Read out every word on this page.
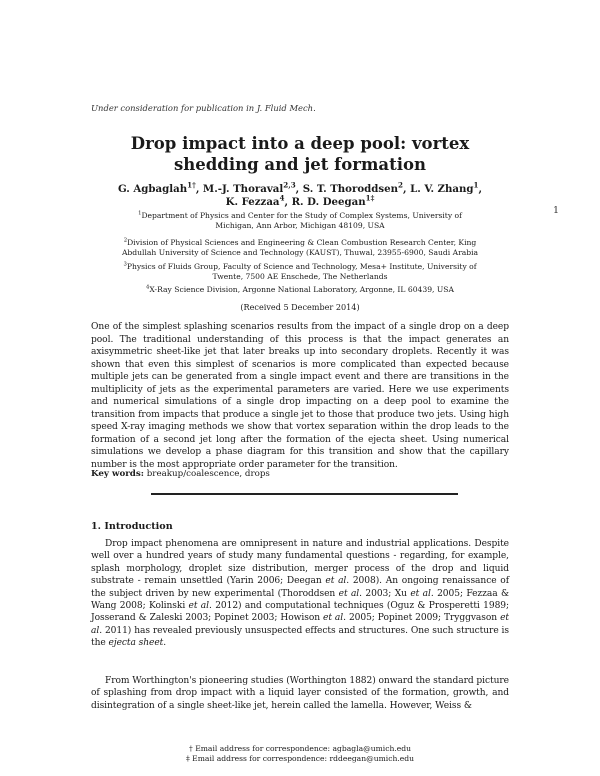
Under consideration for publication in J. Fluid Mech.
1
Drop impact into a deep pool: vortex
shedding and jet formation
G. Agbaglah$^{1\dagger}$, M.-J. Thoraval$^{2,3}$, S. T. Thoroddsen$^2$, L. V. Zhang$^1$,
K. Fezzaa$^4$, R. D. Deegan$^{1\ddagger}$
$^1$Department of Physics and Center for the Study of Complex Systems, University of
Michigan, Ann Arbor, Michigan 48109, USA
$^2$Division of Physical Sciences and Engineering & Clean Combustion Research Center, King
Abdullah University of Science and Technology (KAUST), Thuwal, 23955-6900, Saudi Arabia
$^3$Physics of Fluids Group, Faculty of Science and Technology, Mesa+ Institute, University of
Twente, 7500 AE Enschede, The Netherlands
$^4$X-Ray Science Division, Argonne National Laboratory, Argonne, IL 60439, USA
(Received 5 December 2014)

One of the simplest splashing scenarios results from the impact of a single drop on a deep pool. The traditional understanding of this process is that the impact generates an axisymmetric sheet-like jet that later breaks up into secondary droplets. Recently it was shown that even this simplest of scenarios is more complicated than expected because multiple jets can be generated from a single impact event and there are transitions in the multiplicity of jets as the experimental parameters are varied. Here we use experiments and numerical simulations of a single drop impacting on a deep pool to examine the transition from impacts that produce a single jet to those that produce two jets. Using high speed X-ray imaging methods we show that vortex separation within the drop leads to the formation of a second jet long after the formation of the ejecta sheet. Using numerical simulations we develop a phase diagram for this transition and show that the capillary number is the most appropriate order parameter for the transition.

Key words: breakup/coalescence, drops
1. Introduction

Drop impact phenomena are omnipresent in nature and industrial applications. Despite well over a hundred years of study many fundamental questions - regarding, for example, splash morphology, droplet size distribution, merger process of the drop and liquid substrate - remain unsettled (Yarin 2006; Deegan et al. 2008). An ongoing renaissance of the subject driven by new experimental (Thoroddsen et al. 2003; Xu et al. 2005; Fezzaa & Wang 2008; Kolinski et al. 2012) and computational techniques (Oguz & Prosperetti 1989; Josserand & Zaleski 2003; Popinet 2003; Howison et al. 2005; Popinet 2009; Tryggvason et al. 2011) has revealed previously unsuspected effects and structures. One such structure is the ejecta sheet.

From Worthington's pioneering studies (Worthington 1882) onward the standard picture of splashing from drop impact with a liquid layer consisted of the formation, growth, and disintegration of a single sheet-like jet, herein called the lamella. However, Weiss &

† Email address for correspondence: agbagla@umich.edu
‡ Email address for correspondence: rddeegan@umich.edu
